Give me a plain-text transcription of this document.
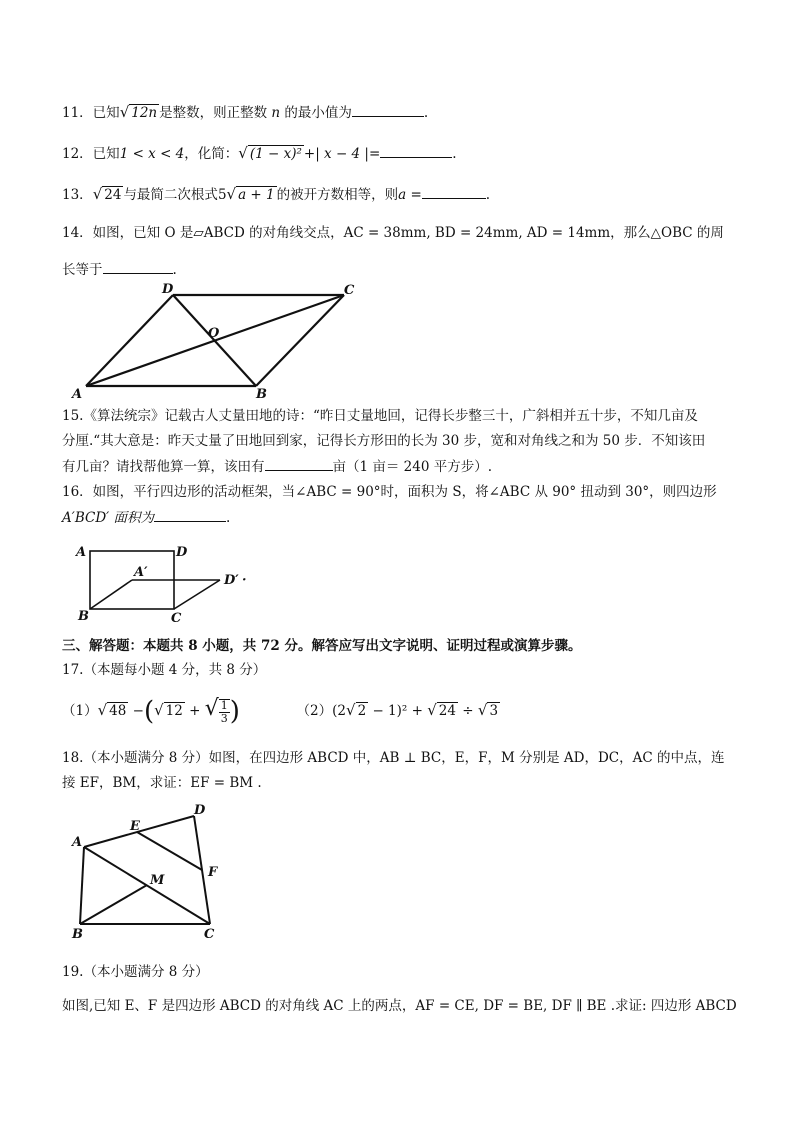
11．已知√ 12n 是整数，则正整数 n 的最小值为	.
12．已知1 < x < 4，化简：√ (1 − x)² +| x − 4 |=	.
13．√ 24 与最简二次根式5√ a + 1 的被开方数相等，则a =	.
14．如图，已知 O 是▱ABCD 的对角线交点，AC = 38mm, BD = 24mm, AD = 14mm，那么△OBC 的周
长等于	.
A	B
C
D
O
15.《算法统宗》记载古人丈量田地的诗：“昨日丈量地回，记得长步整三十，广斜相并五十步，不知几亩及
分厘.“其大意是：昨天丈量了田地回到家，记得长方形田的长为 30 步，宽和对角线之和为 50 步．不知该田
有几亩？请找帮他算一算，该田有	亩（1 亩＝ 240 平方步）.
16．如图，平行四边形的活动框架，当∠ABC = 90°时，面积为 S，将∠ABC 从 90° 扭动到 30°，则四边形
A′BCD′ 面积为	.
A	D
A′
D′ ·
B	C
三、解答题：本题共 8 小题，共 72 分。解答应写出文字说明、证明过程或演算步骤。
17.（本题每小题 4 分，共 8 分）
（1）√ 48 −(√ 12 + √ $\frac{1}{3}$ )	（2）(2√ 2 − 1)² + √ 24 ÷ √ 3
18.（本小题满分 8 分）如图，在四边形 ABCD 中，AB ⊥ BC，E，F，M 分别是 AD，DC，AC 的中点，连
接 EF，BM，求证：EF = BM .
A
D
E
F
M
B	C
19.（本小题满分 8 分）
如图,已知 E、F 是四边形 ABCD 的对角线 AC 上的两点，AF = CE, DF = BE, DF ∥ BE .求证: 四边形 ABCD
